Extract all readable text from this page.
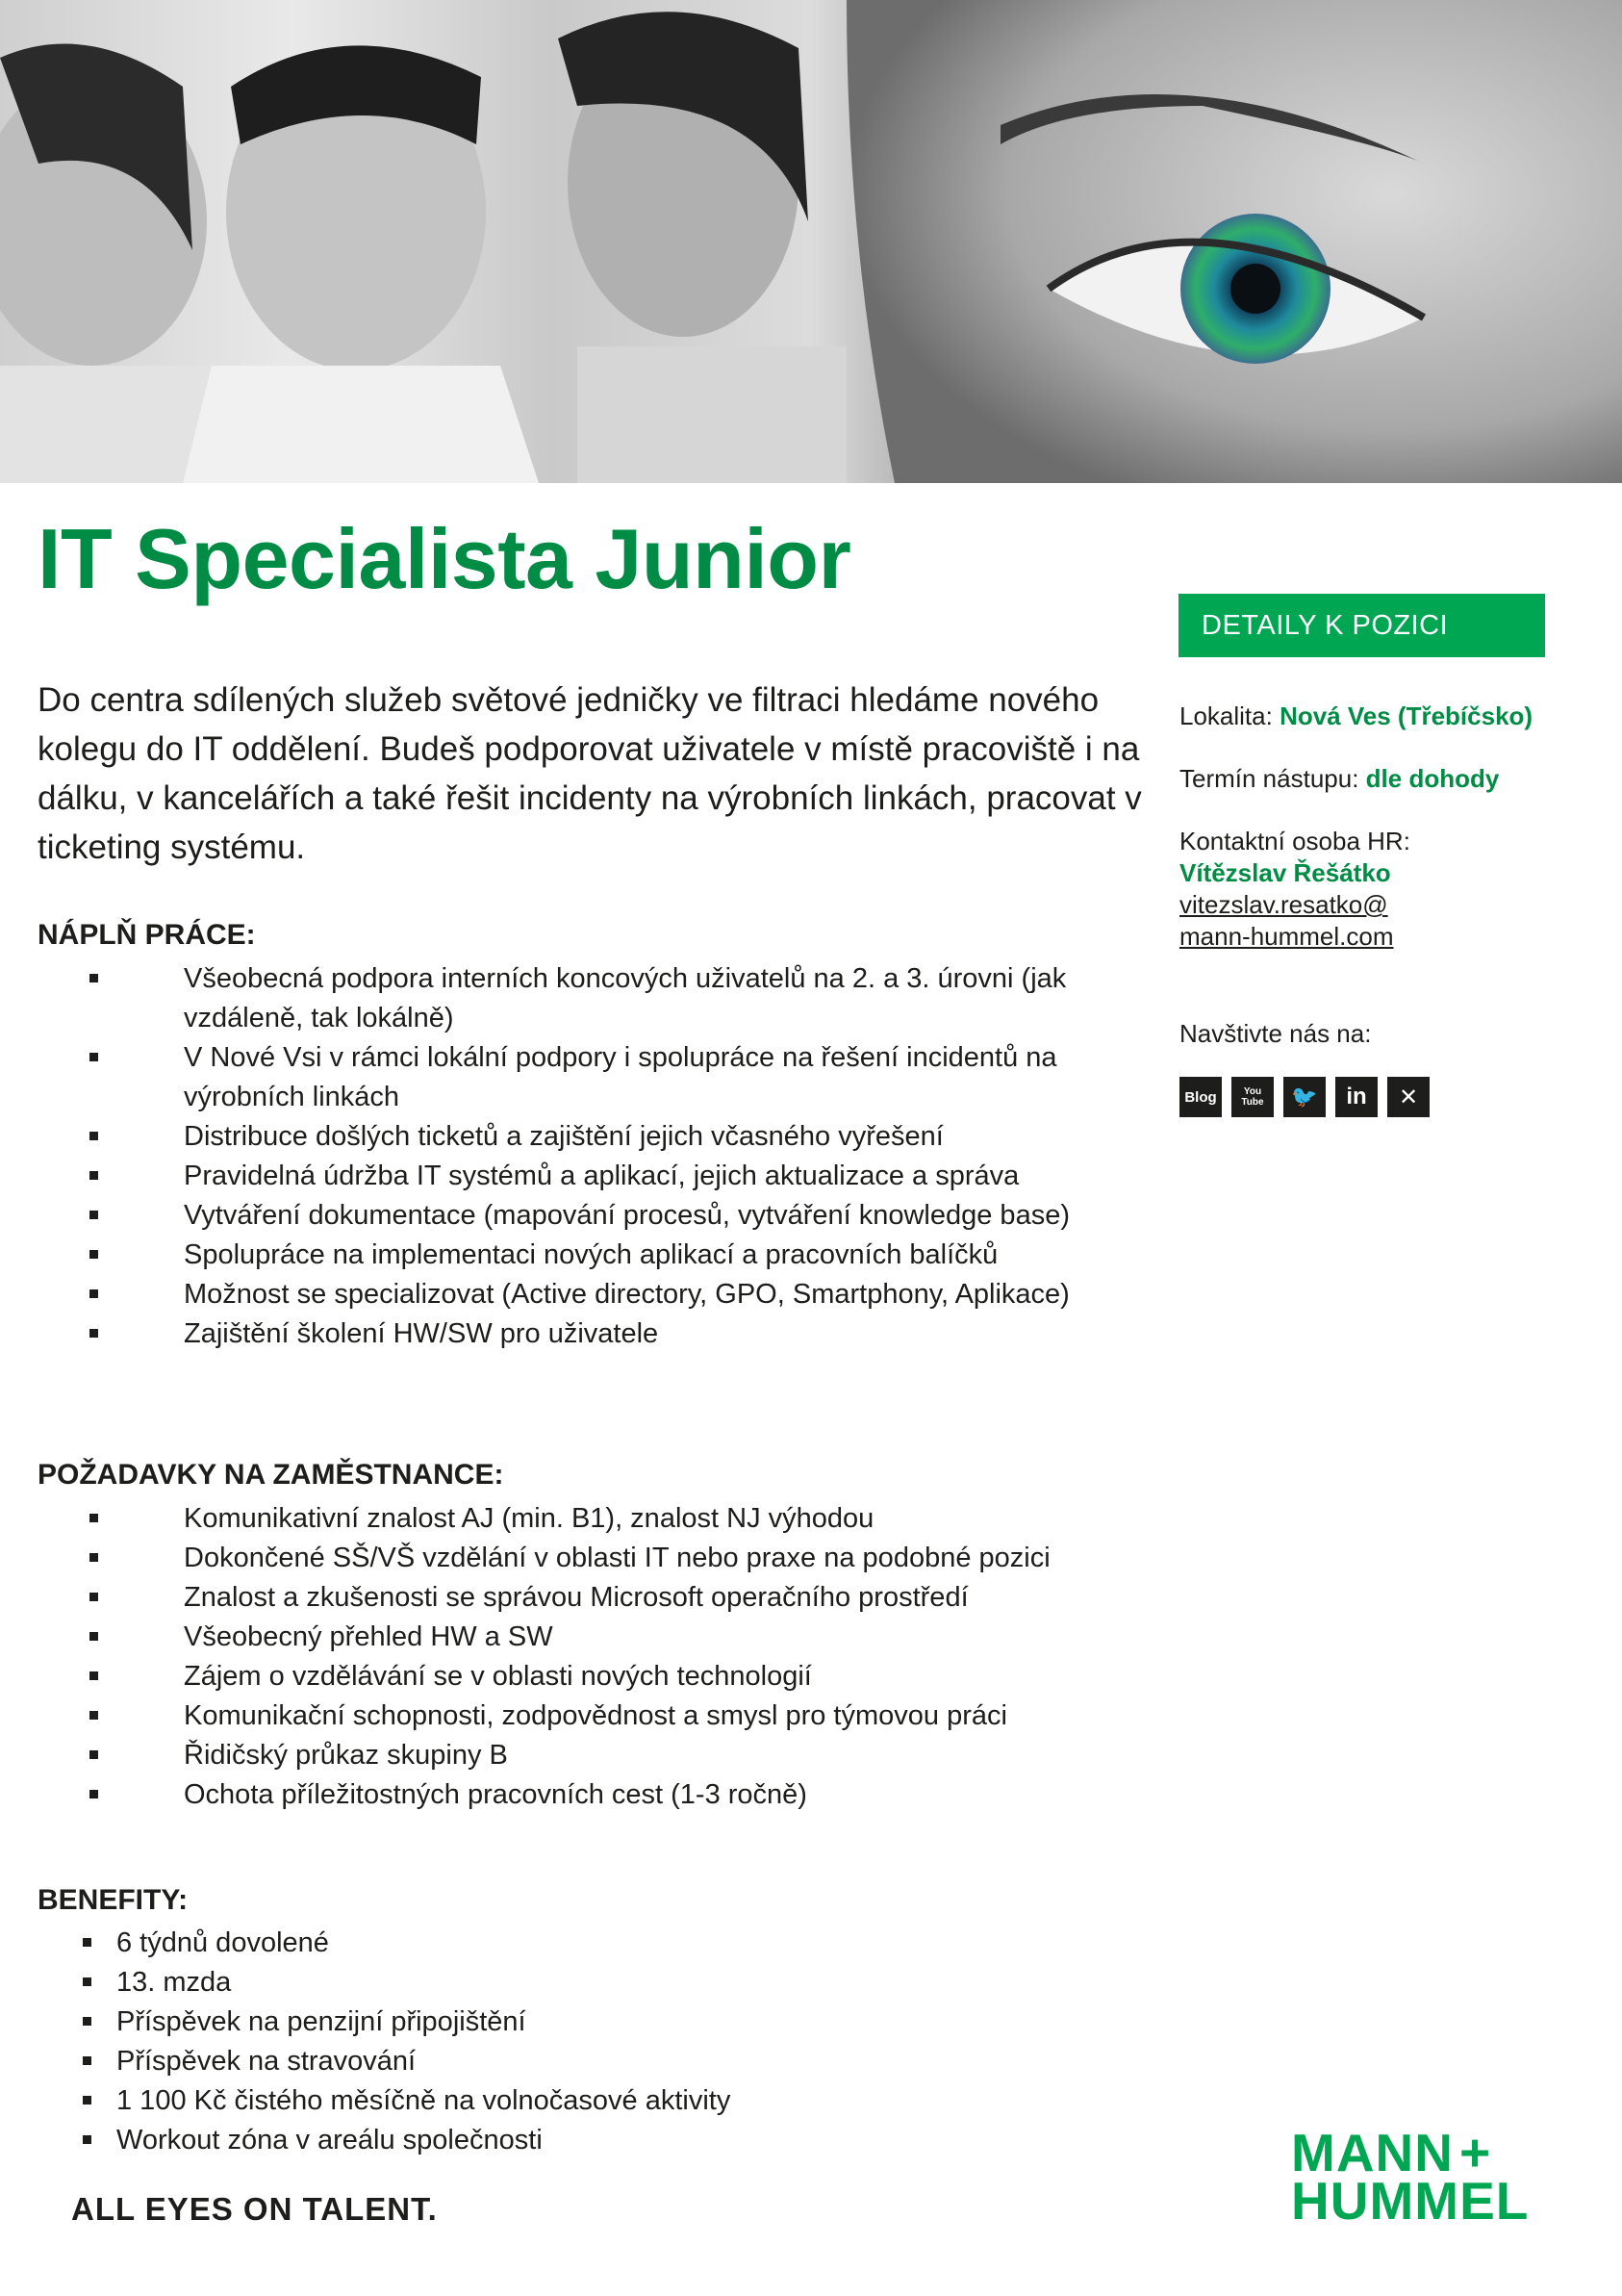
IT Specialista Junior

Do centra sdílených služeb světové jedničky ve filtraci hledáme nového kolegu do IT oddělení. Budeš podporovat uživatele v místě pracoviště i na dálku, v kancelářích a také řešit incidenty na výrobních linkách, pracovat v ticketing systému.

NÁPLŇ PRÁCE:
Všeobecná podpora interních koncových uživatelů na 2. a 3. úrovni (jak vzdáleně, tak lokálně)
V Nové Vsi v rámci lokální podpory i spolupráce na řešení incidentů na výrobních linkách
Distribuce došlých ticketů a zajištění jejich včasného vyřešení
Pravidelná údržba IT systémů a aplikací, jejich aktualizace a správa
Vytváření dokumentace (mapování procesů, vytváření knowledge base)
Spolupráce na implementaci nových aplikací a pracovních balíčků
Možnost se specializovat (Active directory, GPO, Smartphony, Aplikace)
Zajištění školení HW/SW pro uživatele
POŽADAVKY NA ZAMĚSTNANCE:
Komunikativní znalost AJ (min. B1), znalost NJ výhodou
Dokončené SŠ/VŠ vzdělání v oblasti IT nebo praxe na podobné pozici
Znalost a zkušenosti se správou Microsoft operačního prostředí
Všeobecný přehled HW a SW
Zájem o vzdělávání se v oblasti nových technologií
Komunikační schopnosti, zodpovědnost a smysl pro týmovou práci
Řidičský průkaz skupiny B
Ochota příležitostných pracovních cest (1-3 ročně)
BENEFITY:
6 týdnů dovolené
13. mzda
Příspěvek na penzijní připojištění
Příspěvek na stravování
1 100 Kč čistého měsíčně na volnočasové aktivity
Workout zóna v areálu společnosti
DETAILY K POZICI
Lokalita: Nová Ves (Třebíčsko)
Termín nástupu: dle dohody
Kontaktní osoba HR:
Vítězslav Řešátko
vitezslav.resatko@
mann-hummel.com
Navštivte nás na:
Blog	You Tube 🐦 in ✕
ALL EYES ON TALENT.
MANN +
HUMMEL
